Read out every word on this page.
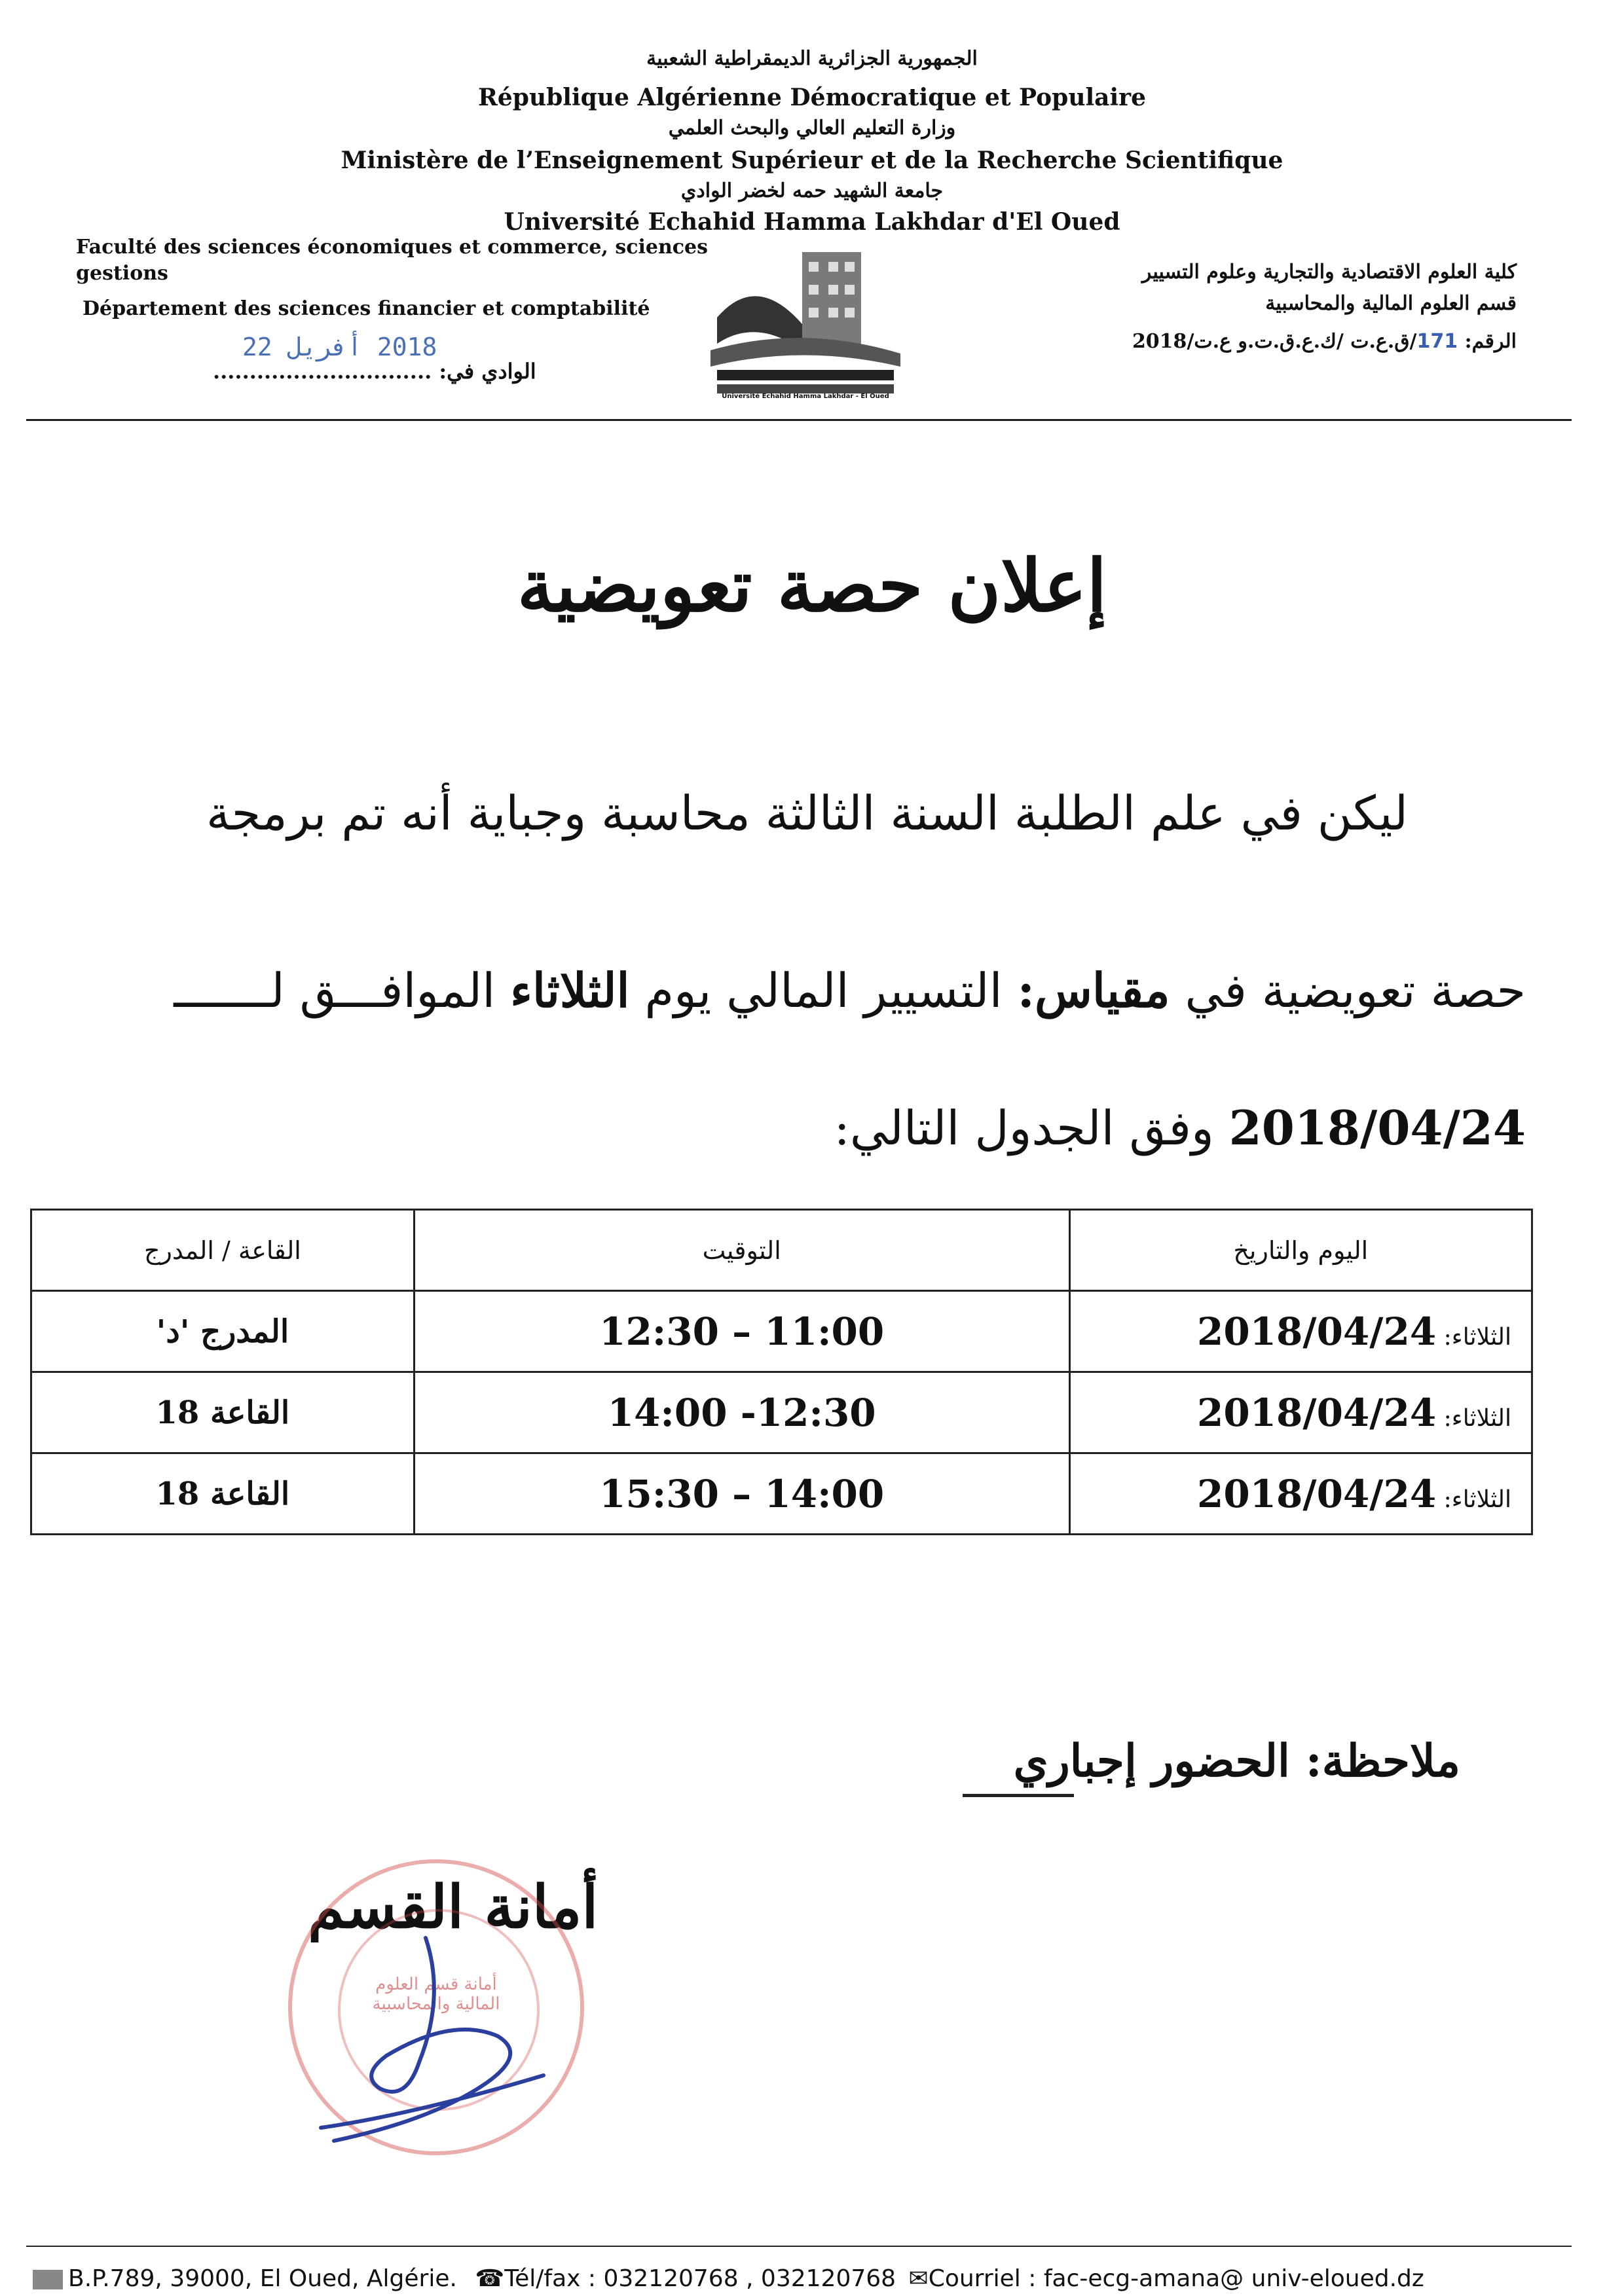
الجمهورية الجزائرية الديمقراطية الشعبية
République Algérienne Démocratique et Populaire
وزارة التعليم العالي والبحث العلمي
Ministère de l’Enseignement Supérieur et de la Recherche Scientifique
جامعة الشهيد حمه لخضر الوادي
Université Echahid Hamma Lakhdar d'El Oued
Faculté des sciences économiques et commerce, sciences
gestions
Département des sciences financier et comptabilité
2018 أفريل 22
الوادي في: ..............................
Université Echahid Hamma Lakhdar - El Oued
كلية العلوم الاقتصادية والتجارية وعلوم التسيير
قسم العلوم المالية والمحاسبية
الرقم: 171/ق.ع.ت /ك.ع.ق.ت.و ع.ت/2018
إعلان حصة تعويضية
ليكن في علم الطلبة السنة الثالثة محاسبة وجباية أنه تم برمجة
حصة تعويضية في مقياس: التسيير المالي يوم الثلاثاء الموافـــق لـــــــ
2018/04/24 وفق الجدول التالي:
القاعة / المدرج	التوقيت	اليوم والتاريخ
المدرج 'د'	12:30 – 11:00	الثلاثاء: 2018/04/24
القاعة 18	14:00 -12:30	الثلاثاء: 2018/04/24
القاعة 18	15:30 – 14:00	الثلاثاء: 2018/04/24
ملاحظة: الحضور إجباري
أمانة القسم
أمانة قسم العلوم المالية والمحاسبية
B.P.789, 39000, El Oued, Algérie. ☎Tél/fax : 032120768 , 032120768 ✉Courriel : fac-ecg-amana@ univ-eloued.dz
